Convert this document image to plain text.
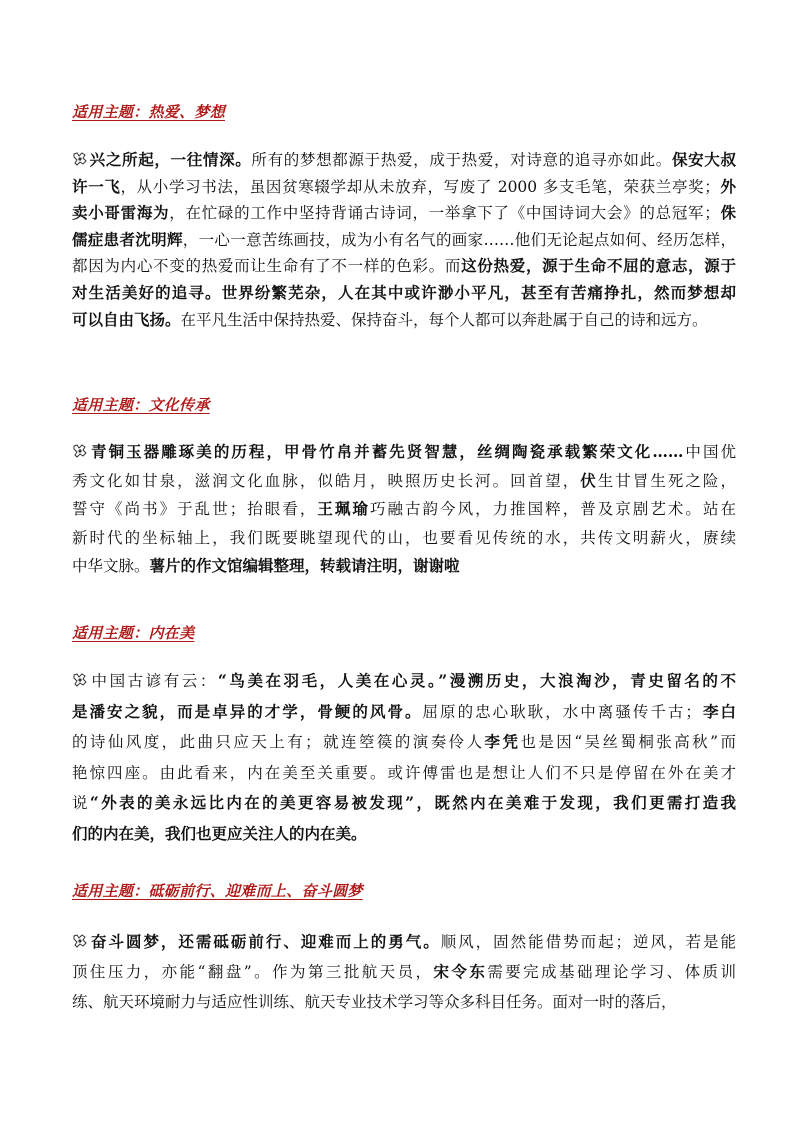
适用主题：热爱、梦想
兴之所起，一往情深。所有的梦想都源于热爱，成于热爱，对诗意的追寻亦如此。保安大叔
许一飞，从小学习书法，虽因贫寒辍学却从未放弃，写废了 2000 多支毛笔，荣获兰亭奖；外
卖小哥雷海为，在忙碌的工作中坚持背诵古诗词，一举拿下了《中国诗词大会》的总冠军；侏
儒症患者沈明辉，一心一意苦练画技，成为小有名气的画家……他们无论起点如何、经历怎样，
都因为内心不变的热爱而让生命有了不一样的色彩。而这份热爱，源于生命不屈的意志，源于
对生活美好的追寻。世界纷繁芜杂，人在其中或许渺小平凡，甚至有苦痛挣扎，然而梦想却
可以自由飞扬。在平凡生活中保持热爱、保持奋斗，每个人都可以奔赴属于自己的诗和远方。
适用主题：文化传承
青铜玉器雕琢美的历程，甲骨竹帛并蓄先贤智慧，丝绸陶瓷承载繁荣文化……中国优
秀文化如甘泉，滋润文化血脉，似皓月，映照历史长河。回首望，伏生甘冒生死之险，
誓守《尚书》于乱世；抬眼看，王珮瑜巧融古韵今风，力推国粹，普及京剧艺术。站在
新时代的坐标轴上，我们既要眺望现代的山，也要看见传统的水，共传文明薪火，赓续
中华文脉。薯片的作文馆编辑整理，转载请注明，谢谢啦
适用主题：内在美
中国古谚有云：“鸟美在羽毛，人美在心灵。”漫溯历史，大浪淘沙，青史留名的不
是潘安之貌，而是卓异的才学，骨鲠的风骨。屈原的忠心耿耿，水中离骚传千古；李白
的诗仙风度，此曲只应天上有；就连箜篌的演奏伶人李凭也是因“吴丝蜀桐张高秋”而
艳惊四座。由此看来，内在美至关重要。或许傅雷也是想让人们不只是停留在外在美才
说“外表的美永远比内在的美更容易被发现”，既然内在美难于发现，我们更需打造我
们的内在美，我们也更应关注人的内在美。
适用主题：砥砺前行、迎难而上、奋斗圆梦
奋斗圆梦，还需砥砺前行、迎难而上的勇气。顺风，固然能借势而起；逆风，若是能
顶住压力，亦能“翻盘”。作为第三批航天员，宋令东需要完成基础理论学习、体质训
练、航天环境耐力与适应性训练、航天专业技术学习等众多科目任务。面对一时的落后，
